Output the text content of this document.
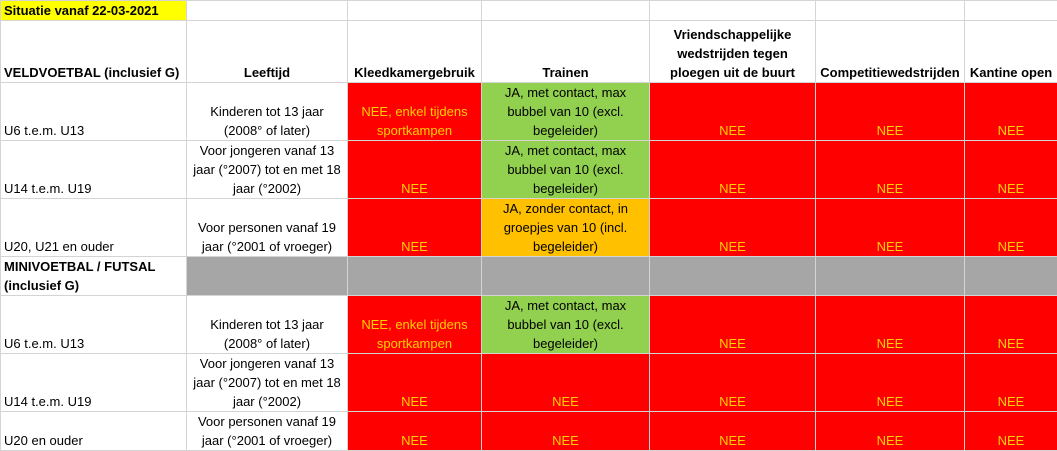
Situatie vanaf 22-03-2021						
VELDVOETBAL (inclusief G)	Leeftijd	Kleedkamergebruik	Trainen	Vriendschappelijke wedstrijden tegen ploegen uit de buurt	Competitiewedstrijden	Kantine open
U6 t.e.m. U13	Kinderen tot 13 jaar (2008° of later)	NEE, enkel tijdens sportkampen	JA, met contact, max bubbel van 10 (excl. begeleider)	NEE	NEE	NEE
U14 t.e.m. U19	Voor jongeren vanaf 13 jaar (°2007) tot en met 18 jaar (°2002)	NEE	JA, met contact, max bubbel van 10 (excl. begeleider)	NEE	NEE	NEE
U20, U21 en ouder	Voor personen vanaf 19 jaar (°2001 of vroeger)	NEE	JA, zonder contact, in groepjes van 10 (incl. begeleider)	NEE	NEE	NEE
MINIVOETBAL / FUTSAL (inclusief G)						
U6 t.e.m. U13	Kinderen tot 13 jaar (2008° of later)	NEE, enkel tijdens sportkampen	JA, met contact, max bubbel van 10 (excl. begeleider)	NEE	NEE	NEE
U14 t.e.m. U19	Voor jongeren vanaf 13 jaar (°2007) tot en met 18 jaar (°2002)	NEE	NEE	NEE	NEE	NEE
U20 en ouder	Voor personen vanaf 19 jaar (°2001 of vroeger)	NEE	NEE	NEE	NEE	NEE
